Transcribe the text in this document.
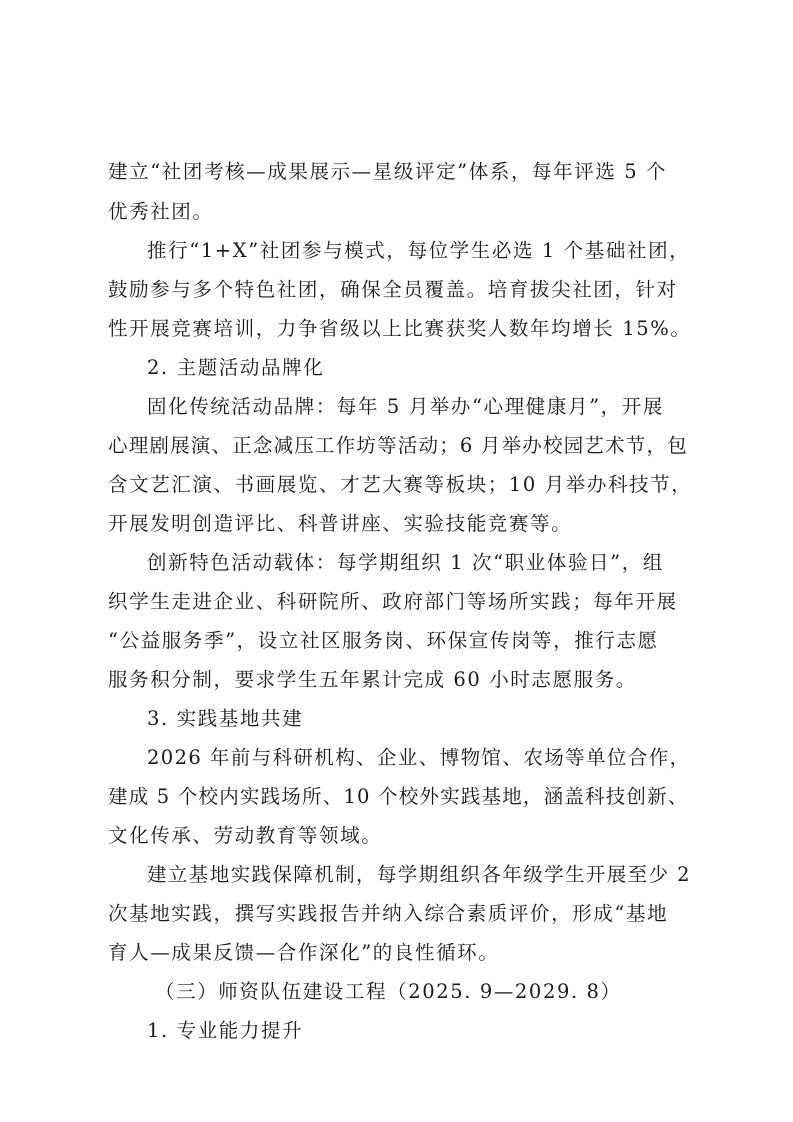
建立“社团考核—成果展示—星级评定”体系，每年评选 5 个
优秀社团。
推行“1+X”社团参与模式，每位学生必选 1 个基础社团，
鼓励参与多个特色社团，确保全员覆盖。培育拔尖社团，针对
性开展竞赛培训，力争省级以上比赛获奖人数年均增长 15%。
2. 主题活动品牌化
固化传统活动品牌：每年 5 月举办“心理健康月”，开展
心理剧展演、正念减压工作坊等活动；6 月举办校园艺术节，包
含文艺汇演、书画展览、才艺大赛等板块；10 月举办科技节，
开展发明创造评比、科普讲座、实验技能竞赛等。
创新特色活动载体：每学期组织 1 次“职业体验日”，组
织学生走进企业、科研院所、政府部门等场所实践；每年开展
“公益服务季”，设立社区服务岗、环保宣传岗等，推行志愿
服务积分制，要求学生五年累计完成 60 小时志愿服务。
3. 实践基地共建
2026 年前与科研机构、企业、博物馆、农场等单位合作，
建成 5 个校内实践场所、10 个校外实践基地，涵盖科技创新、
文化传承、劳动教育等领域。
建立基地实践保障机制，每学期组织各年级学生开展至少 2
次基地实践，撰写实践报告并纳入综合素质评价，形成“基地
育人—成果反馈—合作深化”的良性循环。
（三）师资队伍建设工程（2025. 9—2029. 8）
1. 专业能力提升
